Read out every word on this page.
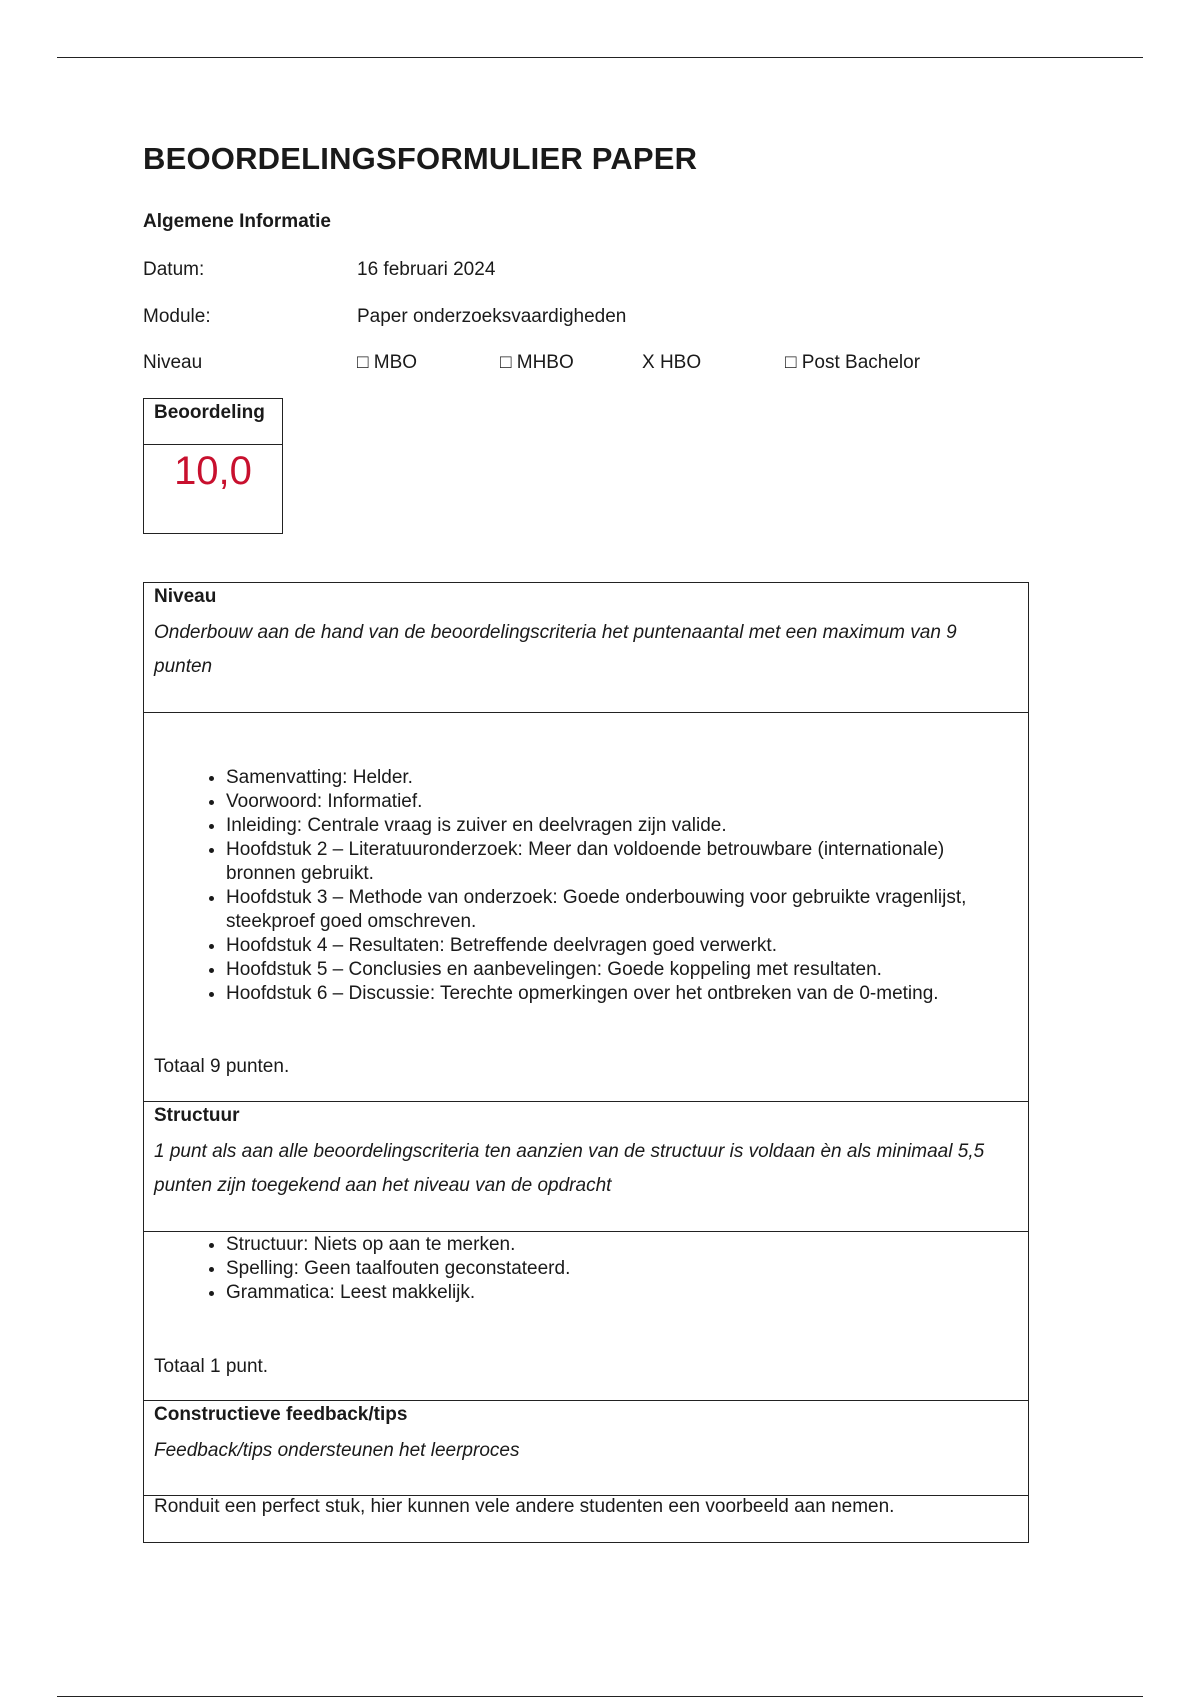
BEOORDELINGSFORMULIER PAPER
Algemene Informatie
Datum:	16 februari 2024
Module:	Paper onderzoeksvaardigheden
Niveau	□ MBO	□ MHBO	X HBO	□ Post Bachelor
Beoordeling
10,0
Niveau
Onderbouw aan de hand van de beoordelingscriteria het puntenaantal met een maximum van 9 punten
• Samenvatting: Helder.
• Voorwoord: Informatief.
• Inleiding: Centrale vraag is zuiver en deelvragen zijn valide.
• Hoofdstuk 2 – Literatuuronderzoek: Meer dan voldoende betrouwbare (internationale) bronnen gebruikt.
• Hoofdstuk 3 – Methode van onderzoek: Goede onderbouwing voor gebruikte vragenlijst, steekproef goed omschreven.
• Hoofdstuk 4 – Resultaten: Betreffende deelvragen goed verwerkt.
• Hoofdstuk 5 – Conclusies en aanbevelingen: Goede koppeling met resultaten.
• Hoofdstuk 6 – Discussie: Terechte opmerkingen over het ontbreken van de 0-meting.
Totaal 9 punten.
Structuur
1 punt als aan alle beoordelingscriteria ten aanzien van de structuur is voldaan èn als minimaal 5,5 punten zijn toegekend aan het niveau van de opdracht
• Structuur: Niets op aan te merken.
• Spelling: Geen taalfouten geconstateerd.
• Grammatica: Leest makkelijk.
Totaal 1 punt.
Constructieve feedback/tips
Feedback/tips ondersteunen het leerproces
Ronduit een perfect stuk, hier kunnen vele andere studenten een voorbeeld aan nemen.
